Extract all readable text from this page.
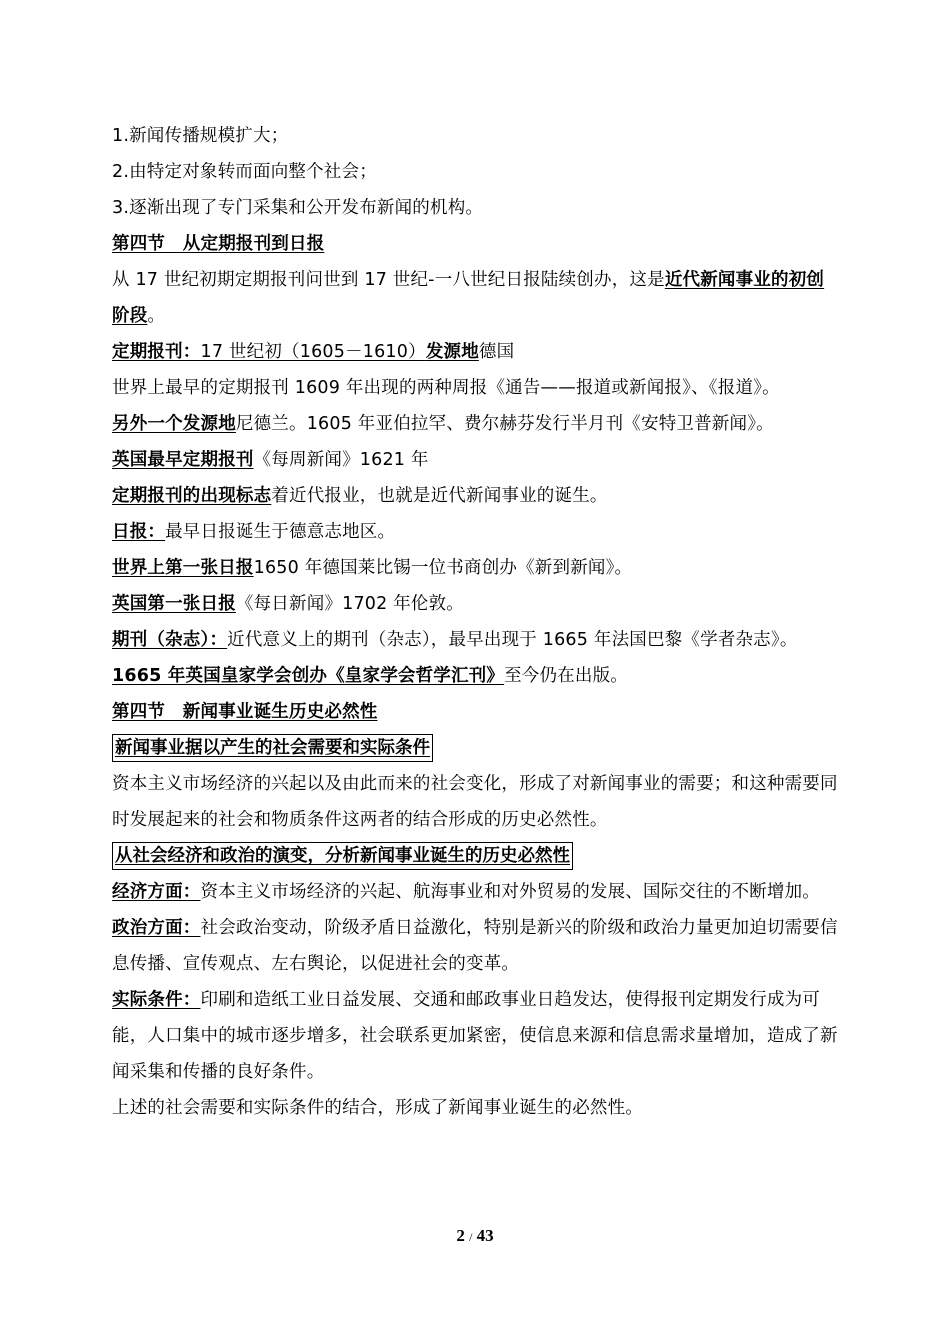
1.新闻传播规模扩大；

2.由特定对象转而面向整个社会；

3.逐渐出现了专门采集和公开发布新闻的机构。

第四节　从定期报刊到日报

从 17 世纪初期定期报刊问世到 17 世纪-一八世纪日报陆续创办，这是近代新闻事业的初创阶段。

定期报刊：17 世纪初（1605－1610）发源地德国

世界上最早的定期报刊 1609 年出现的两种周报《通告——报道或新闻报》、《报道》。

另外一个发源地尼德兰。1605 年亚伯拉罕、费尔赫芬发行半月刊《安特卫普新闻》。

英国最早定期报刊《每周新闻》1621 年

定期报刊的出现标志着近代报业，也就是近代新闻事业的诞生。

日报：最早日报诞生于德意志地区。

世界上第一张日报1650 年德国莱比锡一位书商创办《新到新闻》。

英国第一张日报《每日新闻》1702 年伦敦。

期刊（杂志）：近代意义上的期刊（杂志），最早出现于 1665 年法国巴黎《学者杂志》。

1665 年英国皇家学会创办《皇家学会哲学汇刊》至今仍在出版。

第四节　新闻事业诞生历史必然性

新闻事业据以产生的社会需要和实际条件

资本主义市场经济的兴起以及由此而来的社会变化，形成了对新闻事业的需要；和这种需要同时发展起来的社会和物质条件这两者的结合形成的历史必然性。

从社会经济和政治的演变，分析新闻事业诞生的历史必然性

经济方面：资本主义市场经济的兴起、航海事业和对外贸易的发展、国际交往的不断增加。

政治方面：社会政治变动，阶级矛盾日益激化，特别是新兴的阶级和政治力量更加迫切需要信息传播、宣传观点、左右舆论，以促进社会的变革。

实际条件：印刷和造纸工业日益发展、交通和邮政事业日趋发达，使得报刊定期发行成为可能，人口集中的城市逐步增多，社会联系更加紧密，使信息来源和信息需求量增加，造成了新闻采集和传播的良好条件。

上述的社会需要和实际条件的结合，形成了新闻事业诞生的必然性。

2 / 43
